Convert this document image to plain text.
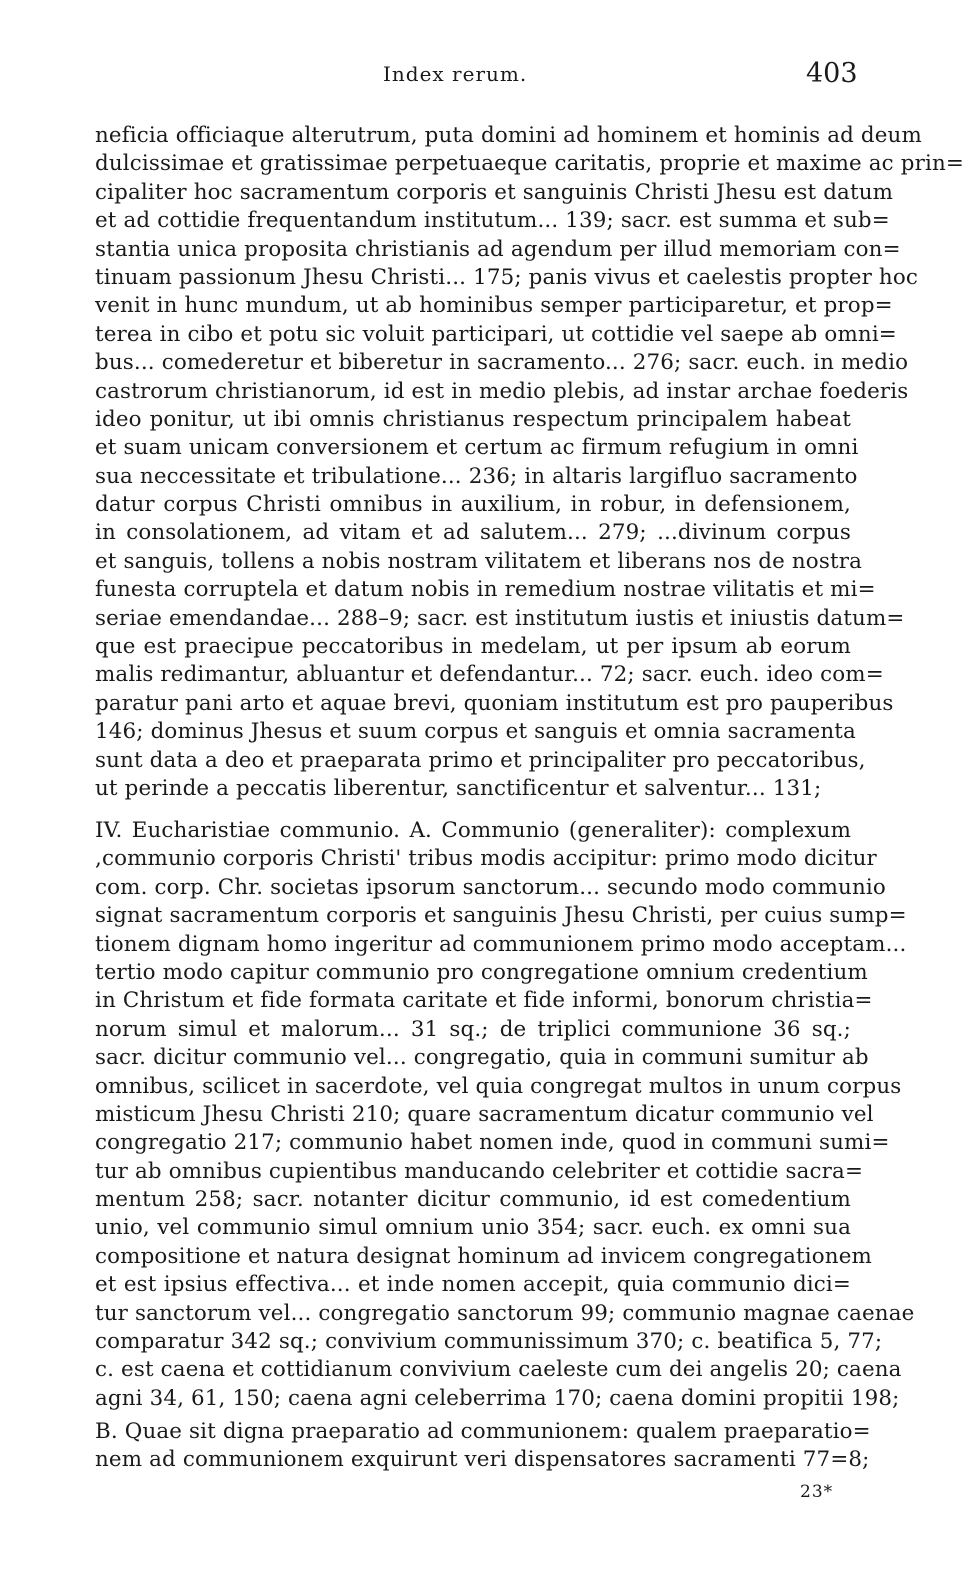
Index rerum.	403
neficia officiaque alterutrum, puta domini ad hominem et hominis ad deum
dulcissimae et gratissimae perpetuaeque caritatis, proprie et maxime ac prin=
cipaliter hoc sacramentum corporis et sanguinis Christi Jhesu est datum
et ad cottidie frequentandum institutum... 139; sacr. est summa et sub=
stantia unica proposita christianis ad agendum per illud memoriam con=
tinuam passionum Jhesu Christi... 175; panis vivus et caelestis propter hoc
venit in hunc mundum, ut ab hominibus semper participaretur, et prop=
terea in cibo et potu sic voluit participari, ut cottidie vel saepe ab omni=
bus... comederetur et biberetur in sacramento... 276; sacr. euch. in medio
castrorum christianorum, id est in medio plebis, ad instar archae foederis
ideo ponitur, ut ibi omnis christianus respectum principalem habeat
et suam unicam conversionem et certum ac firmum refugium in omni
sua neccessitate et tribulatione... 236; in altaris largifluo sacramento
datur corpus Christi omnibus in auxilium, in robur, in defensionem,
in consolationem, ad vitam et ad salutem... 279; ...divinum corpus
et sanguis, tollens a nobis nostram vilitatem et liberans nos de nostra
funesta corruptela et datum nobis in remedium nostrae vilitatis et mi=
seriae emendandae... 288–9; sacr. est institutum iustis et iniustis datum=
que est praecipue peccatoribus in medelam, ut per ipsum ab eorum
malis redimantur, abluantur et defendantur... 72; sacr. euch. ideo com=
paratur pani arto et aquae brevi, quoniam institutum est pro pauperibus
146; dominus Jhesus et suum corpus et sanguis et omnia sacramenta
sunt data a deo et praeparata primo et principaliter pro peccatoribus,
ut perinde a peccatis liberentur, sanctificentur et salventur... 131;
IV. Eucharistiae communio. A. Communio (generaliter): complexum
,communio corporis Christi' tribus modis accipitur: primo modo dicitur
com. corp. Chr. societas ipsorum sanctorum... secundo modo communio
signat sacramentum corporis et sanguinis Jhesu Christi, per cuius sump=
tionem dignam homo ingeritur ad communionem primo modo acceptam...
tertio modo capitur communio pro congregatione omnium credentium
in Christum et fide formata caritate et fide informi, bonorum christia=
norum simul et malorum... 31 sq.; de triplici communione 36 sq.;
sacr. dicitur communio vel... congregatio, quia in communi sumitur ab
omnibus, scilicet in sacerdote, vel quia congregat multos in unum corpus
misticum Jhesu Christi 210; quare sacramentum dicatur communio vel
congregatio 217; communio habet nomen inde, quod in communi sumi=
tur ab omnibus cupientibus manducando celebriter et cottidie sacra=
mentum 258; sacr. notanter dicitur communio, id est comedentium
unio, vel communio simul omnium unio 354; sacr. euch. ex omni sua
compositione et natura designat hominum ad invicem congregationem
et est ipsius effectiva... et inde nomen accepit, quia communio dici=
tur sanctorum vel... congregatio sanctorum 99; communio magnae caenae
comparatur 342 sq.; convivium communissimum 370; c. beatifica 5, 77;
c. est caena et cottidianum convivium caeleste cum dei angelis 20; caena
agni 34, 61, 150; caena agni celeberrima 170; caena domini propitii 198;
B. Quae sit digna praeparatio ad communionem: qualem praeparatio=
nem ad communionem exquirunt veri dispensatores sacramenti 77=8;
23*
